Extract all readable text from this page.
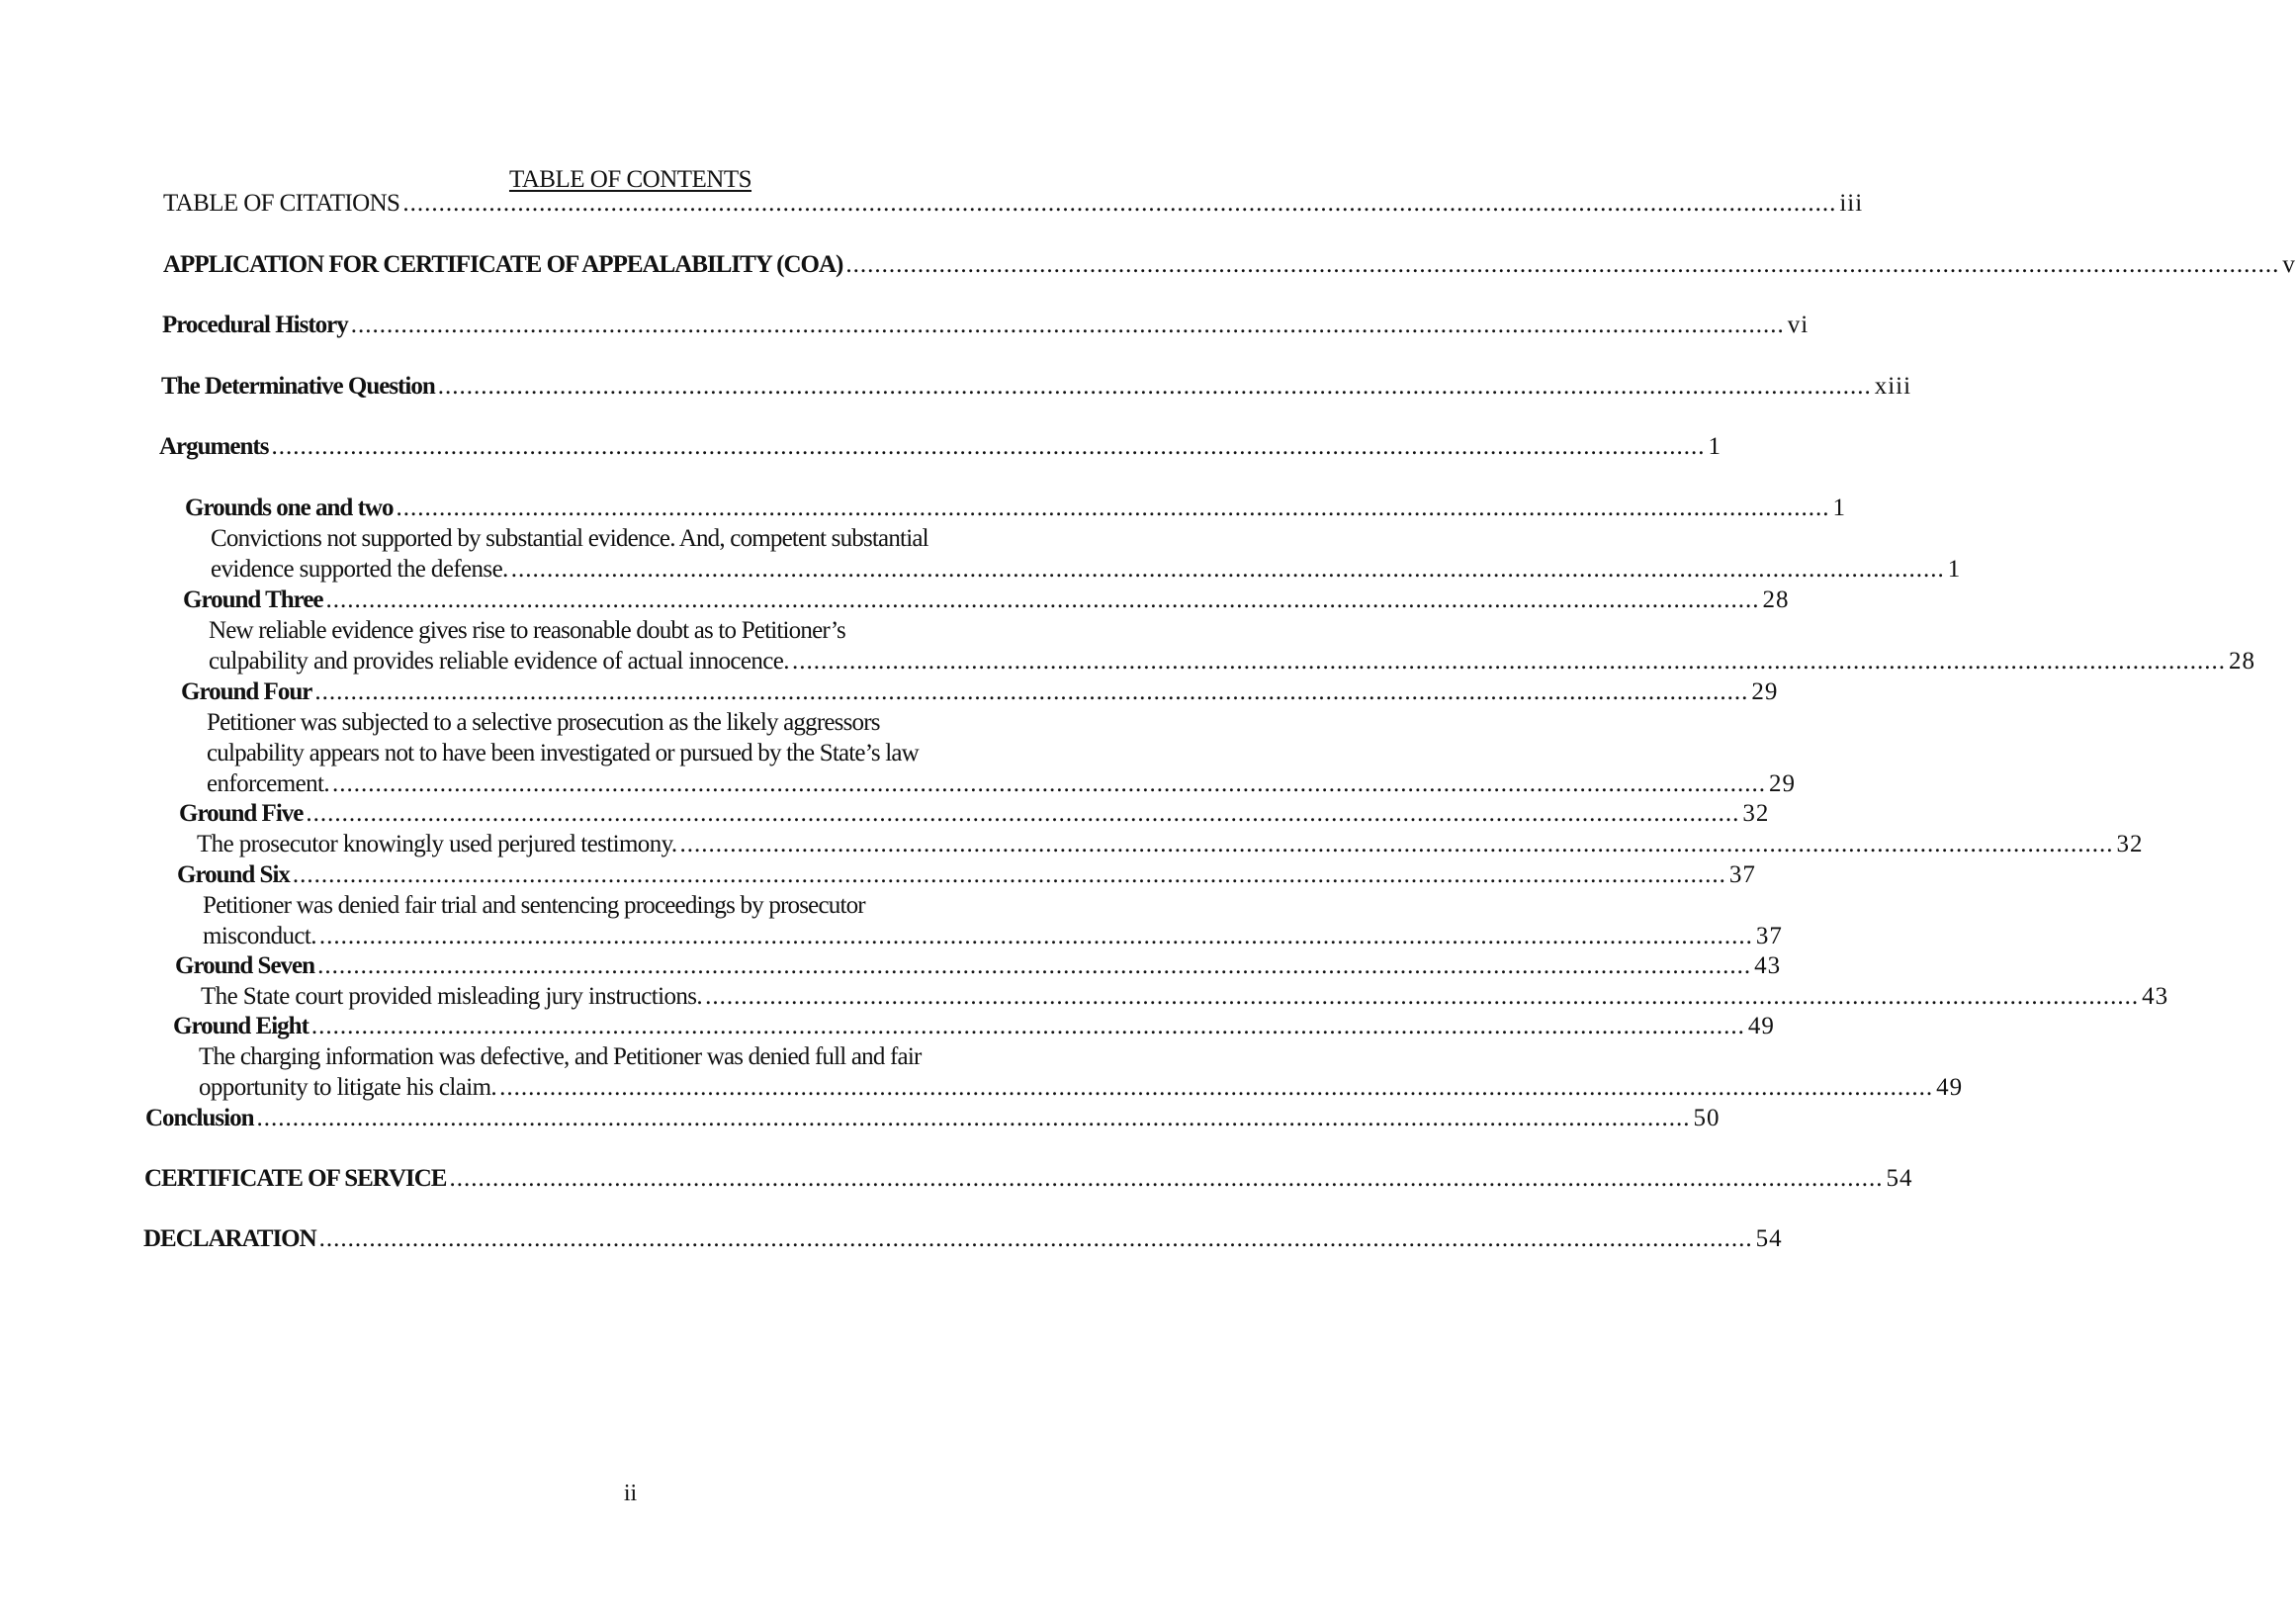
TABLE OF CONTENTS
TABLE OF CITATIONS ........................................................................................................................................................................................................ iii
APPLICATION FOR CERTIFICATE OF APPEALABILITY (COA) ........................................................................................................................................................................................................ v
Procedural History ........................................................................................................................................................................................................ vi
The Determinative Question ........................................................................................................................................................................................................ xiii
Arguments ........................................................................................................................................................................................................ 1
Grounds one and two ........................................................................................................................................................................................................ 1
Convictions not supported by substantial evidence. And, competent substantial
evidence supported the defense. ........................................................................................................................................................................................................ 1
Ground Three ........................................................................................................................................................................................................ 28
New reliable evidence gives rise to reasonable doubt as to Petitioner’s
culpability and provides reliable evidence of actual innocence. ........................................................................................................................................................................................................ 28
Ground Four ........................................................................................................................................................................................................ 29
Petitioner was subjected to a selective prosecution as the likely aggressors
culpability appears not to have been investigated or pursued by the State’s law
enforcement. ........................................................................................................................................................................................................ 29
Ground Five ........................................................................................................................................................................................................ 32
The prosecutor knowingly used perjured testimony. ........................................................................................................................................................................................................ 32
Ground Six ........................................................................................................................................................................................................ 37
Petitioner was denied fair trial and sentencing proceedings by prosecutor
misconduct. ........................................................................................................................................................................................................ 37
Ground Seven ........................................................................................................................................................................................................ 43
The State court provided misleading jury instructions. ........................................................................................................................................................................................................ 43
Ground Eight ........................................................................................................................................................................................................ 49
The charging information was defective, and Petitioner was denied full and fair
opportunity to litigate his claim. ........................................................................................................................................................................................................ 49
Conclusion ........................................................................................................................................................................................................ 50
CERTIFICATE OF SERVICE ........................................................................................................................................................................................................ 54
DECLARATION ........................................................................................................................................................................................................ 54
ii
